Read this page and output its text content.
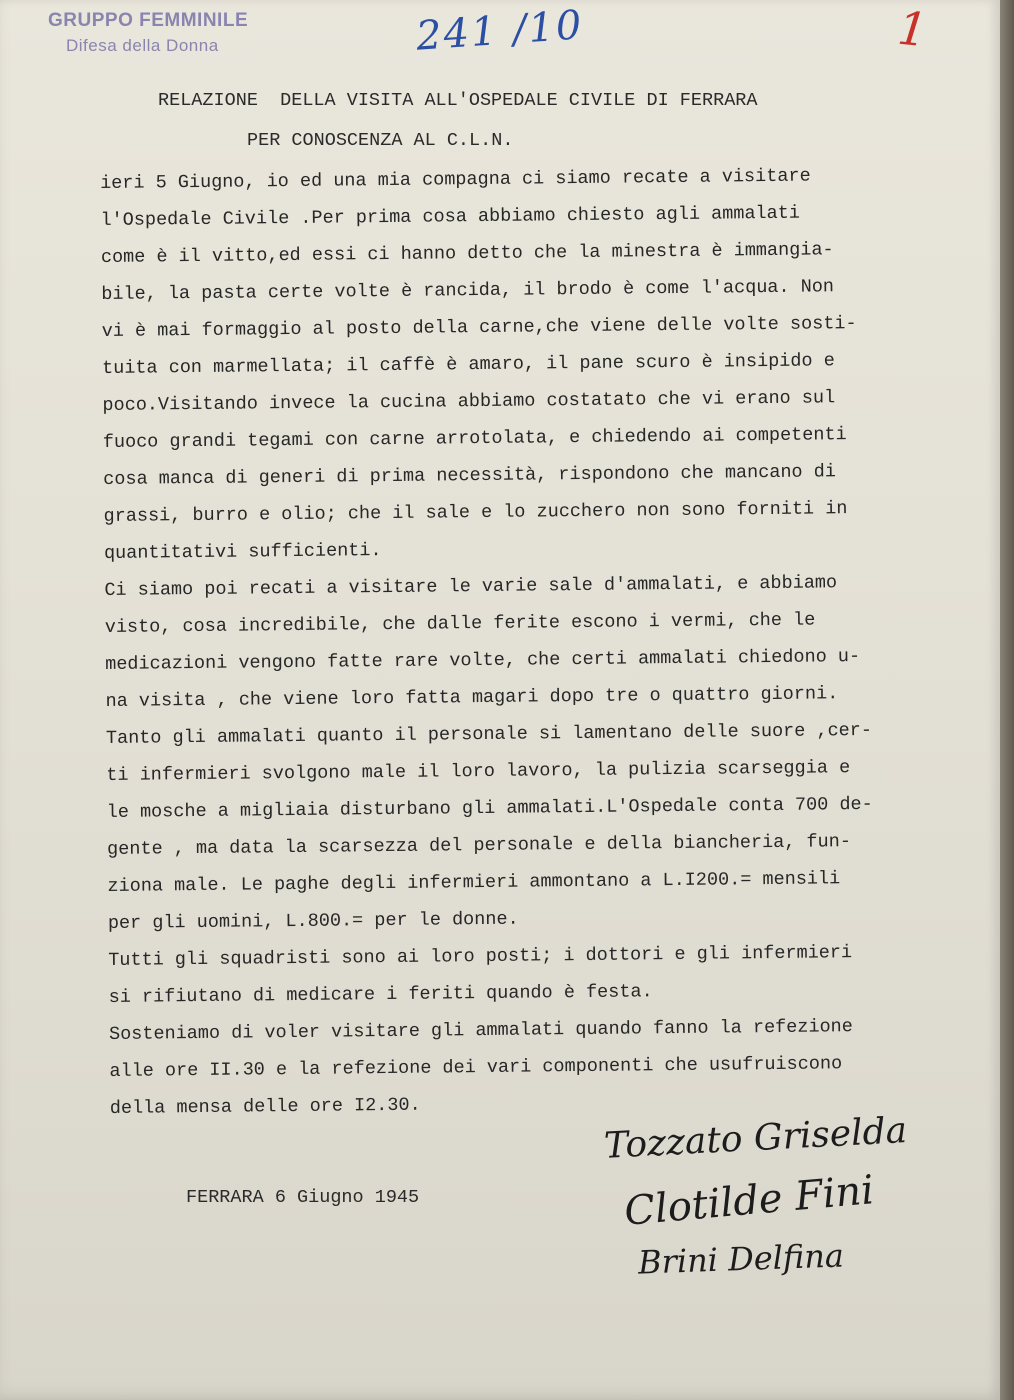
GRUPPO FEMMINILE
Difesa della Donna	241 /10	1
RELAZIONE  DELLA VISITA ALL'OSPEDALE CIVILE DI FERRARA
PER CONOSCENZA AL C.L.N.
ieri 5 Giugno, io ed una mia compagna ci siamo recate a visitare
l'Ospedale Civile .Per prima cosa abbiamo chiesto agli ammalati
come è il vitto,ed essi ci hanno detto che la minestra è immangia-
bile, la pasta certe volte è rancida, il brodo è come l'acqua. Non
vi è mai formaggio al posto della carne,che viene delle volte sosti-
tuita con marmellata; il caffè è amaro, il pane scuro è insipido e
poco.Visitando invece la cucina abbiamo costatato che vi erano sul
fuoco grandi tegami con carne arrotolata, e chiedendo ai competenti
cosa manca di generi di prima necessità, rispondono che mancano di
grassi, burro e olio; che il sale e lo zucchero non sono forniti in
quantitativi sufficienti.
Ci siamo poi recati a visitare le varie sale d'ammalati, e abbiamo
visto, cosa incredibile, che dalle ferite escono i vermi, che le
medicazioni vengono fatte rare volte, che certi ammalati chiedono u-
na visita , che viene loro fatta magari dopo tre o quattro giorni.
Tanto gli ammalati quanto il personale si lamentano delle suore ,cer-
ti infermieri svolgono male il loro lavoro, la pulizia scarseggia e
le mosche a migliaia disturbano gli ammalati.L'Ospedale conta 700 de-
gente , ma data la scarsezza del personale e della biancheria, fun-
ziona male. Le paghe degli infermieri ammontano a L.I200.= mensili
per gli uomini, L.800.= per le donne.
Tutti gli squadristi sono ai loro posti; i dottori e gli infermieri
si rifiutano di medicare i feriti quando è festa.
Sosteniamo di voler visitare gli ammalati quando fanno la refezione
alle ore II.30 e la refezione dei vari componenti che usufruiscono
della mensa delle ore I2.30.
FERRARA 6 Giugno 1945
Tozzato Griselda
Clotilde Fini
Brini Delfina
